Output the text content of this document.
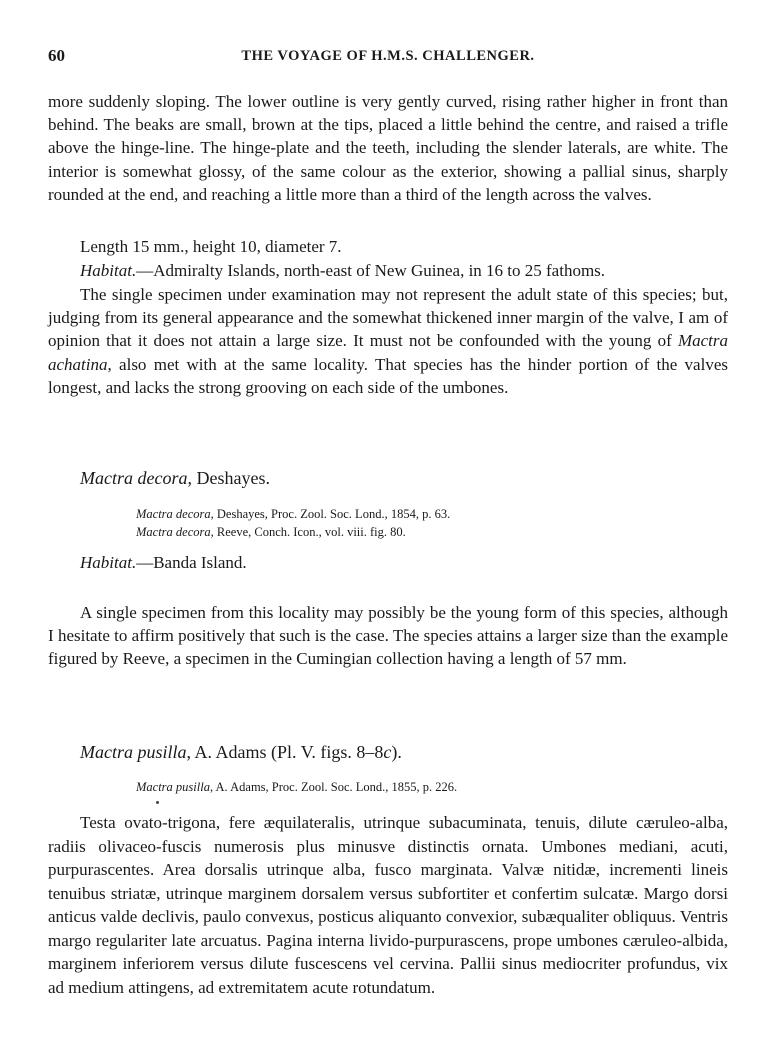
60	THE VOYAGE OF H.M.S. CHALLENGER.

more suddenly sloping. The lower outline is very gently curved, rising rather higher in front than behind. The beaks are small, brown at the tips, placed a little behind the centre, and raised a trifle above the hinge-line. The hinge-plate and the teeth, including the slender laterals, are white. The interior is somewhat glossy, of the same colour as the exterior, showing a pallial sinus, sharply rounded at the end, and reaching a little more than a third of the length across the valves.

Length 15 mm., height 10, diameter 7.

Habitat.—Admiralty Islands, north-east of New Guinea, in 16 to 25 fathoms.

The single specimen under examination may not represent the adult state of this species; but, judging from its general appearance and the somewhat thickened inner margin of the valve, I am of opinion that it does not attain a large size. It must not be confounded with the young of Mactra achatina, also met with at the same locality. That species has the hinder portion of the valves longest, and lacks the strong grooving on each side of the umbones.

Mactra decora, Deshayes.
Mactra decora, Deshayes, Proc. Zool. Soc. Lond., 1854, p. 63.
Mactra decora, Reeve, Conch. Icon., vol. viii. fig. 80.
Habitat.—Banda Island.

A single specimen from this locality may possibly be the young form of this species, although I hesitate to affirm positively that such is the case. The species attains a larger size than the example figured by Reeve, a specimen in the Cumingian collection having a length of 57 mm.

Mactra pusilla, A. Adams (Pl. V. figs. 8–8c).
Mactra pusilla, A. Adams, Proc. Zool. Soc. Lond., 1855, p. 226.

Testa ovato-trigona, fere æquilateralis, utrinque subacuminata, tenuis, dilute cæruleo-alba, radiis olivaceo-fuscis numerosis plus minusve distinctis ornata. Umbones mediani, acuti, purpurascentes. Area dorsalis utrinque alba, fusco marginata. Valvæ nitidæ, incrementi lineis tenuibus striatæ, utrinque marginem dorsalem versus subfortiter et confertim sulcatæ. Margo dorsi anticus valde declivis, paulo convexus, posticus aliquanto convexior, subæqualiter obliquus. Ventris margo regulariter late arcuatus. Pagina interna livido-purpurascens, prope umbones cæruleo-albida, marginem inferiorem versus dilute fuscescens vel cervina. Pallii sinus mediocriter profundus, vix ad medium attingens, ad extremitatem acute rotundatum.
